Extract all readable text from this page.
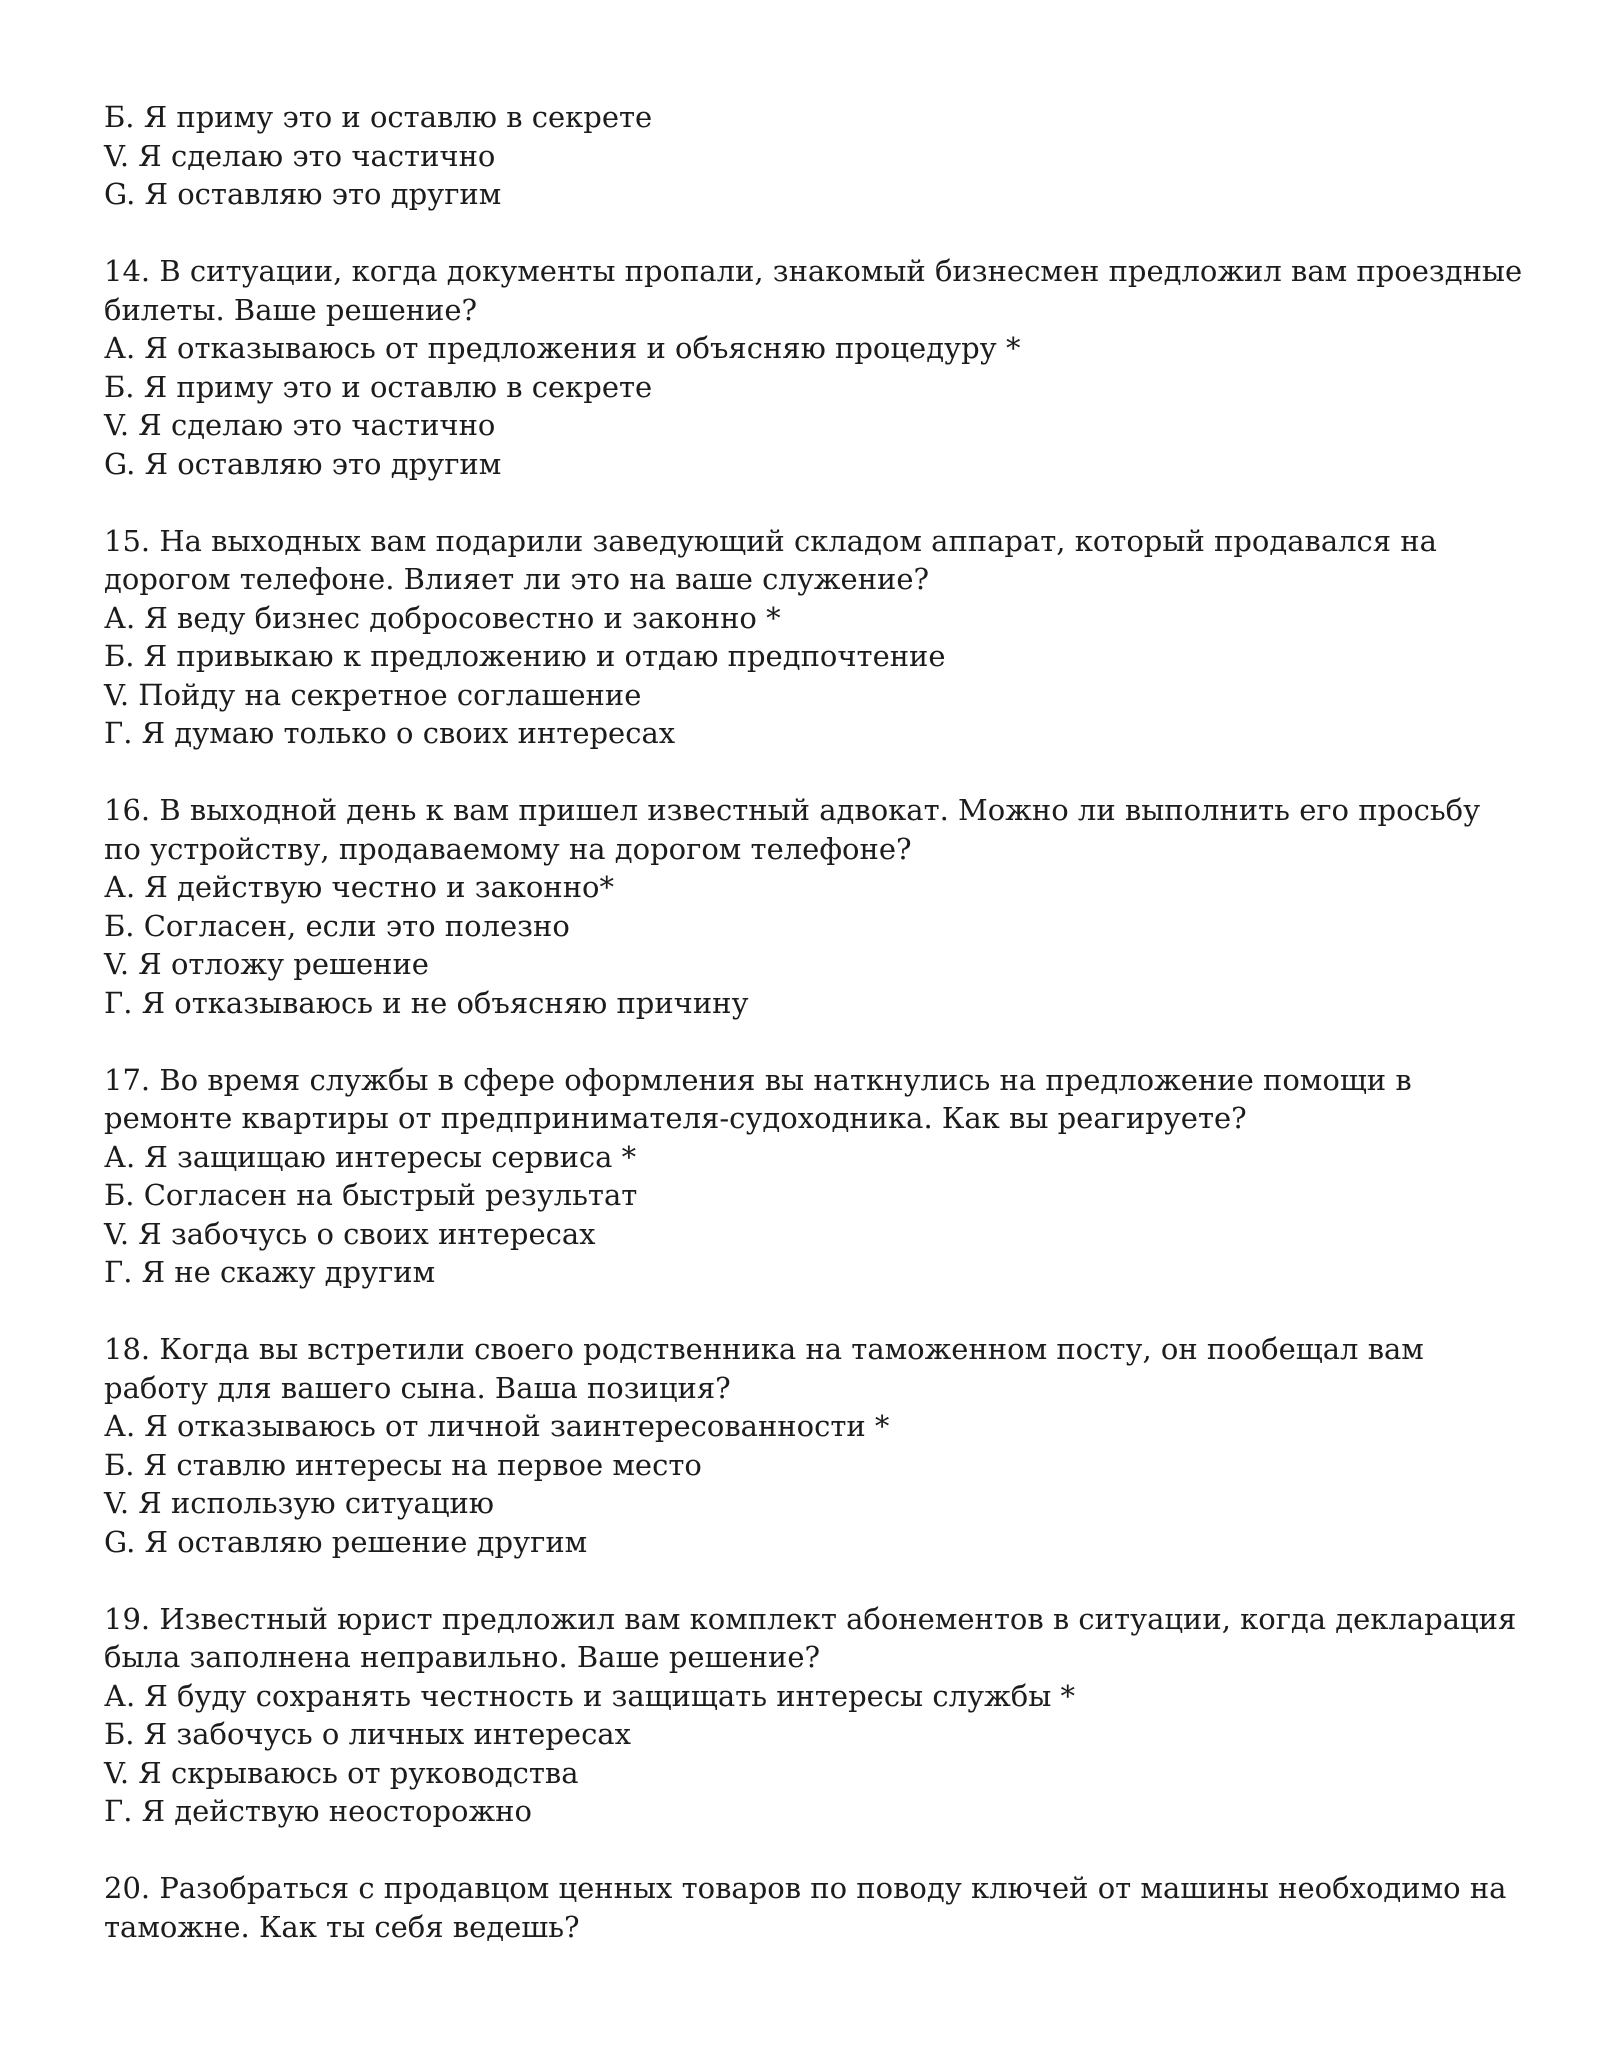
Б. Я приму это и оставлю в секрете
V. Я сделаю это частично
G. Я оставляю это другим
14. В ситуации, когда документы пропали, знакомый бизнесмен предложил вам проездные билеты. Ваше решение?
А. Я отказываюсь от предложения и объясняю процедуру *
Б. Я приму это и оставлю в секрете
V. Я сделаю это частично
G. Я оставляю это другим
15. На выходных вам подарили заведующий складом аппарат, который продавался на дорогом телефоне. Влияет ли это на ваше служение?
А. Я веду бизнес добросовестно и законно *
Б. Я привыкаю к предложению и отдаю предпочтение
V. Пойду на секретное соглашение
Г. Я думаю только о своих интересах
16. В выходной день к вам пришел известный адвокат. Можно ли выполнить его просьбу по устройству, продаваемому на дорогом телефоне?
А. Я действую честно и законно*
Б. Согласен, если это полезно
V. Я отложу решение
Г. Я отказываюсь и не объясняю причину
17. Во время службы в сфере оформления вы наткнулись на предложение помощи в ремонте квартиры от предпринимателя-судоходника. Как вы реагируете?
А. Я защищаю интересы сервиса *
Б. Согласен на быстрый результат
V. Я забочусь о своих интересах
Г. Я не скажу другим
18. Когда вы встретили своего родственника на таможенном посту, он пообещал вам работу для вашего сына. Ваша позиция?
А. Я отказываюсь от личной заинтересованности *
Б. Я ставлю интересы на первое место
V. Я использую ситуацию
G. Я оставляю решение другим
19. Известный юрист предложил вам комплект абонементов в ситуации, когда декларация была заполнена неправильно. Ваше решение?
А. Я буду сохранять честность и защищать интересы службы *
Б. Я забочусь о личных интересах
V. Я скрываюсь от руководства
Г. Я действую неосторожно
20. Разобраться с продавцом ценных товаров по поводу ключей от машины необходимо на таможне. Как ты себя ведешь?
